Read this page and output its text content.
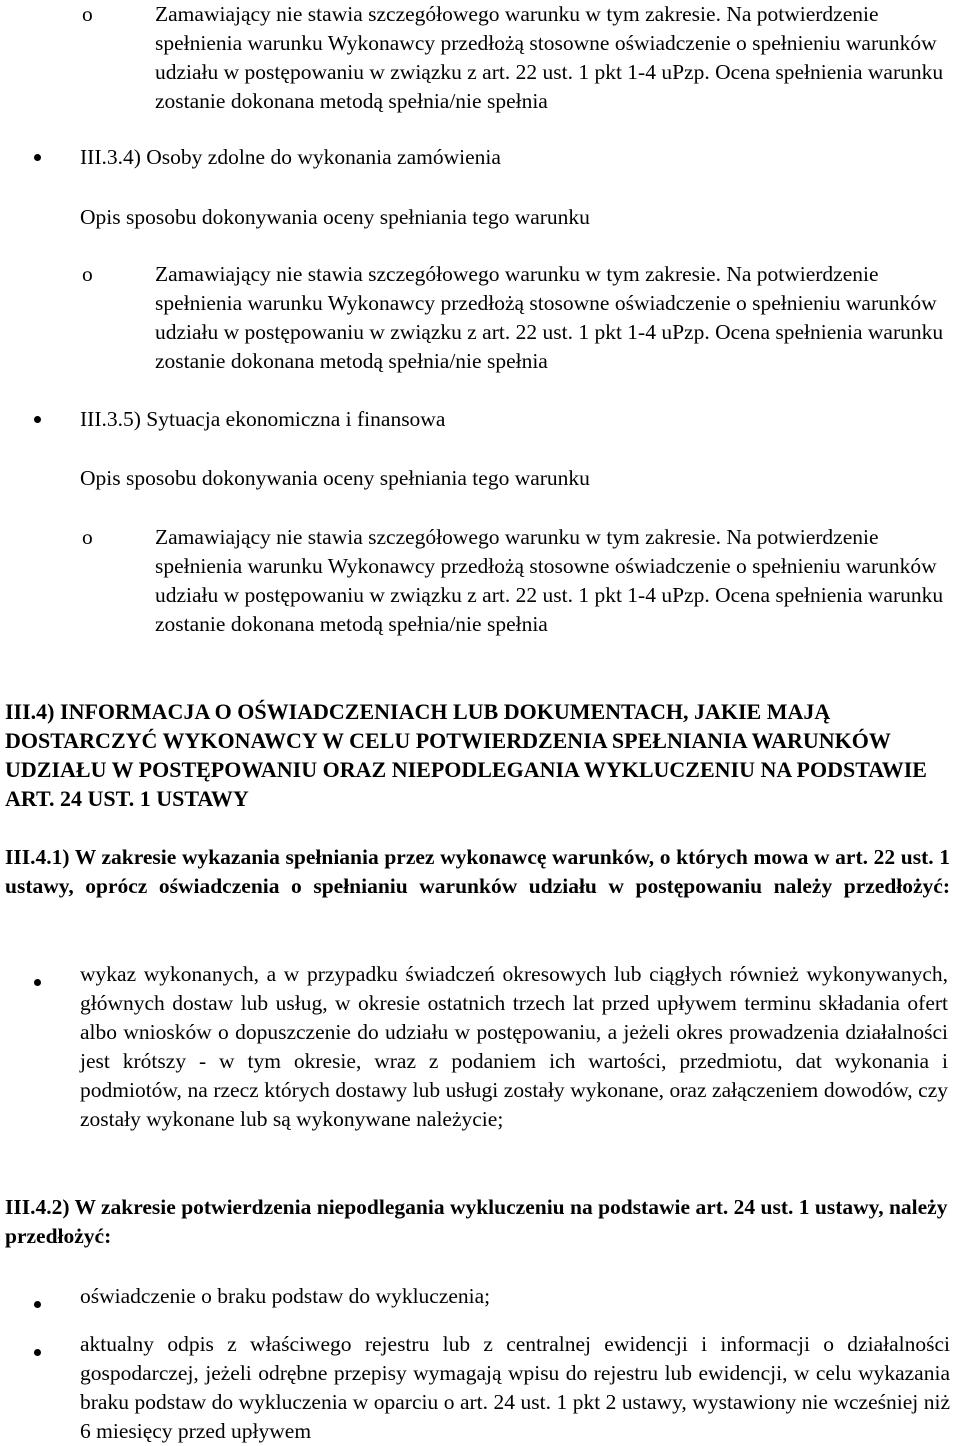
o	Zamawiający nie stawia szczegółowego warunku w tym zakresie. Na potwierdzenie spełnienia warunku Wykonawcy przedłożą stosowne oświadczenie o spełnieniu warunków udziału w postępowaniu w związku z art. 22 ust. 1 pkt 1-4 uPzp. Ocena spełnienia warunku zostanie dokonana metodą spełnia/nie spełnia
III.3.4) Osoby zdolne do wykonania zamówienia
Opis sposobu dokonywania oceny spełniania tego warunku
o	Zamawiający nie stawia szczegółowego warunku w tym zakresie. Na potwierdzenie spełnienia warunku Wykonawcy przedłożą stosowne oświadczenie o spełnieniu warunków udziału w postępowaniu w związku z art. 22 ust. 1 pkt 1-4 uPzp. Ocena spełnienia warunku zostanie dokonana metodą spełnia/nie spełnia
III.3.5) Sytuacja ekonomiczna i finansowa
Opis sposobu dokonywania oceny spełniania tego warunku
o	Zamawiający nie stawia szczegółowego warunku w tym zakresie. Na potwierdzenie spełnienia warunku Wykonawcy przedłożą stosowne oświadczenie o spełnieniu warunków udziału w postępowaniu w związku z art. 22 ust. 1 pkt 1-4 uPzp. Ocena spełnienia warunku zostanie dokonana metodą spełnia/nie spełnia
III.4) INFORMACJA O OŚWIADCZENIACH LUB DOKUMENTACH, JAKIE MAJĄ DOSTARCZYĆ WYKONAWCY W CELU POTWIERDZENIA SPEŁNIANIA WARUNKÓW UDZIAŁU W POSTĘPOWANIU ORAZ NIEPODLEGANIA WYKLUCZENIU NA PODSTAWIE ART. 24 UST. 1 USTAWY
III.4.1) W zakresie wykazania spełniania przez wykonawcę warunków, o których mowa w art. 22 ust. 1 ustawy, oprócz oświadczenia o spełnianiu warunków udziału w postępowaniu należy przedłożyć:
wykaz wykonanych, a w przypadku świadczeń okresowych lub ciągłych również wykonywanych, głównych dostaw lub usług, w okresie ostatnich trzech lat przed upływem terminu składania ofert albo wniosków o dopuszczenie do udziału w postępowaniu, a jeżeli okres prowadzenia działalności jest krótszy - w tym okresie, wraz z podaniem ich wartości, przedmiotu, dat wykonania i podmiotów, na rzecz których dostawy lub usługi zostały wykonane, oraz załączeniem dowodów, czy zostały wykonane lub są wykonywane należycie;
III.4.2) W zakresie potwierdzenia niepodlegania wykluczeniu na podstawie art. 24 ust. 1 ustawy, należy przedłożyć:
oświadczenie o braku podstaw do wykluczenia;
aktualny odpis z właściwego rejestru lub z centralnej ewidencji i informacji o działalności gospodarczej, jeżeli odrębne przepisy wymagają wpisu do rejestru lub ewidencji, w celu wykazania braku podstaw do wykluczenia w oparciu o art. 24 ust. 1 pkt 2 ustawy, wystawiony nie wcześniej niż 6 miesięcy przed upływem
